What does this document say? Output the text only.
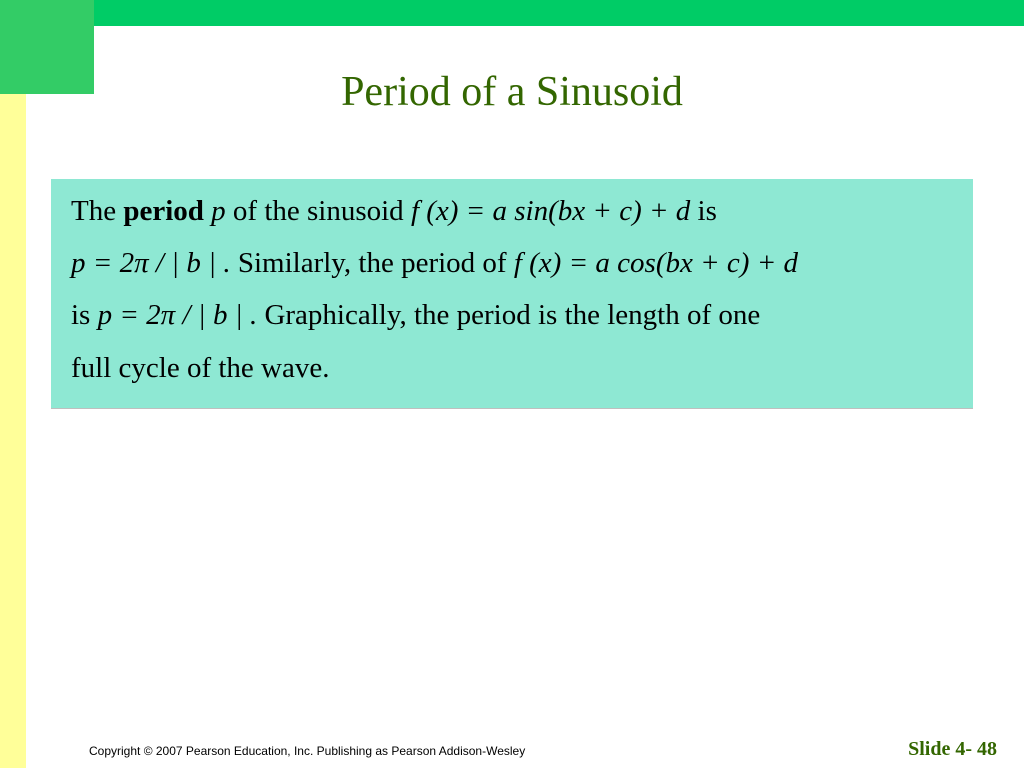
Period of a Sinusoid
The period p of the sinusoid f (x) = a sin(bx + c) + d is
p = 2π / | b | . Similarly, the period of f (x) = a cos(bx + c) + d
is p = 2π / | b | . Graphically, the period is the length of one
full cycle of the wave.
Copyright © 2007 Pearson Education, Inc. Publishing as Pearson Addison-Wesley	Slide 4- 48
